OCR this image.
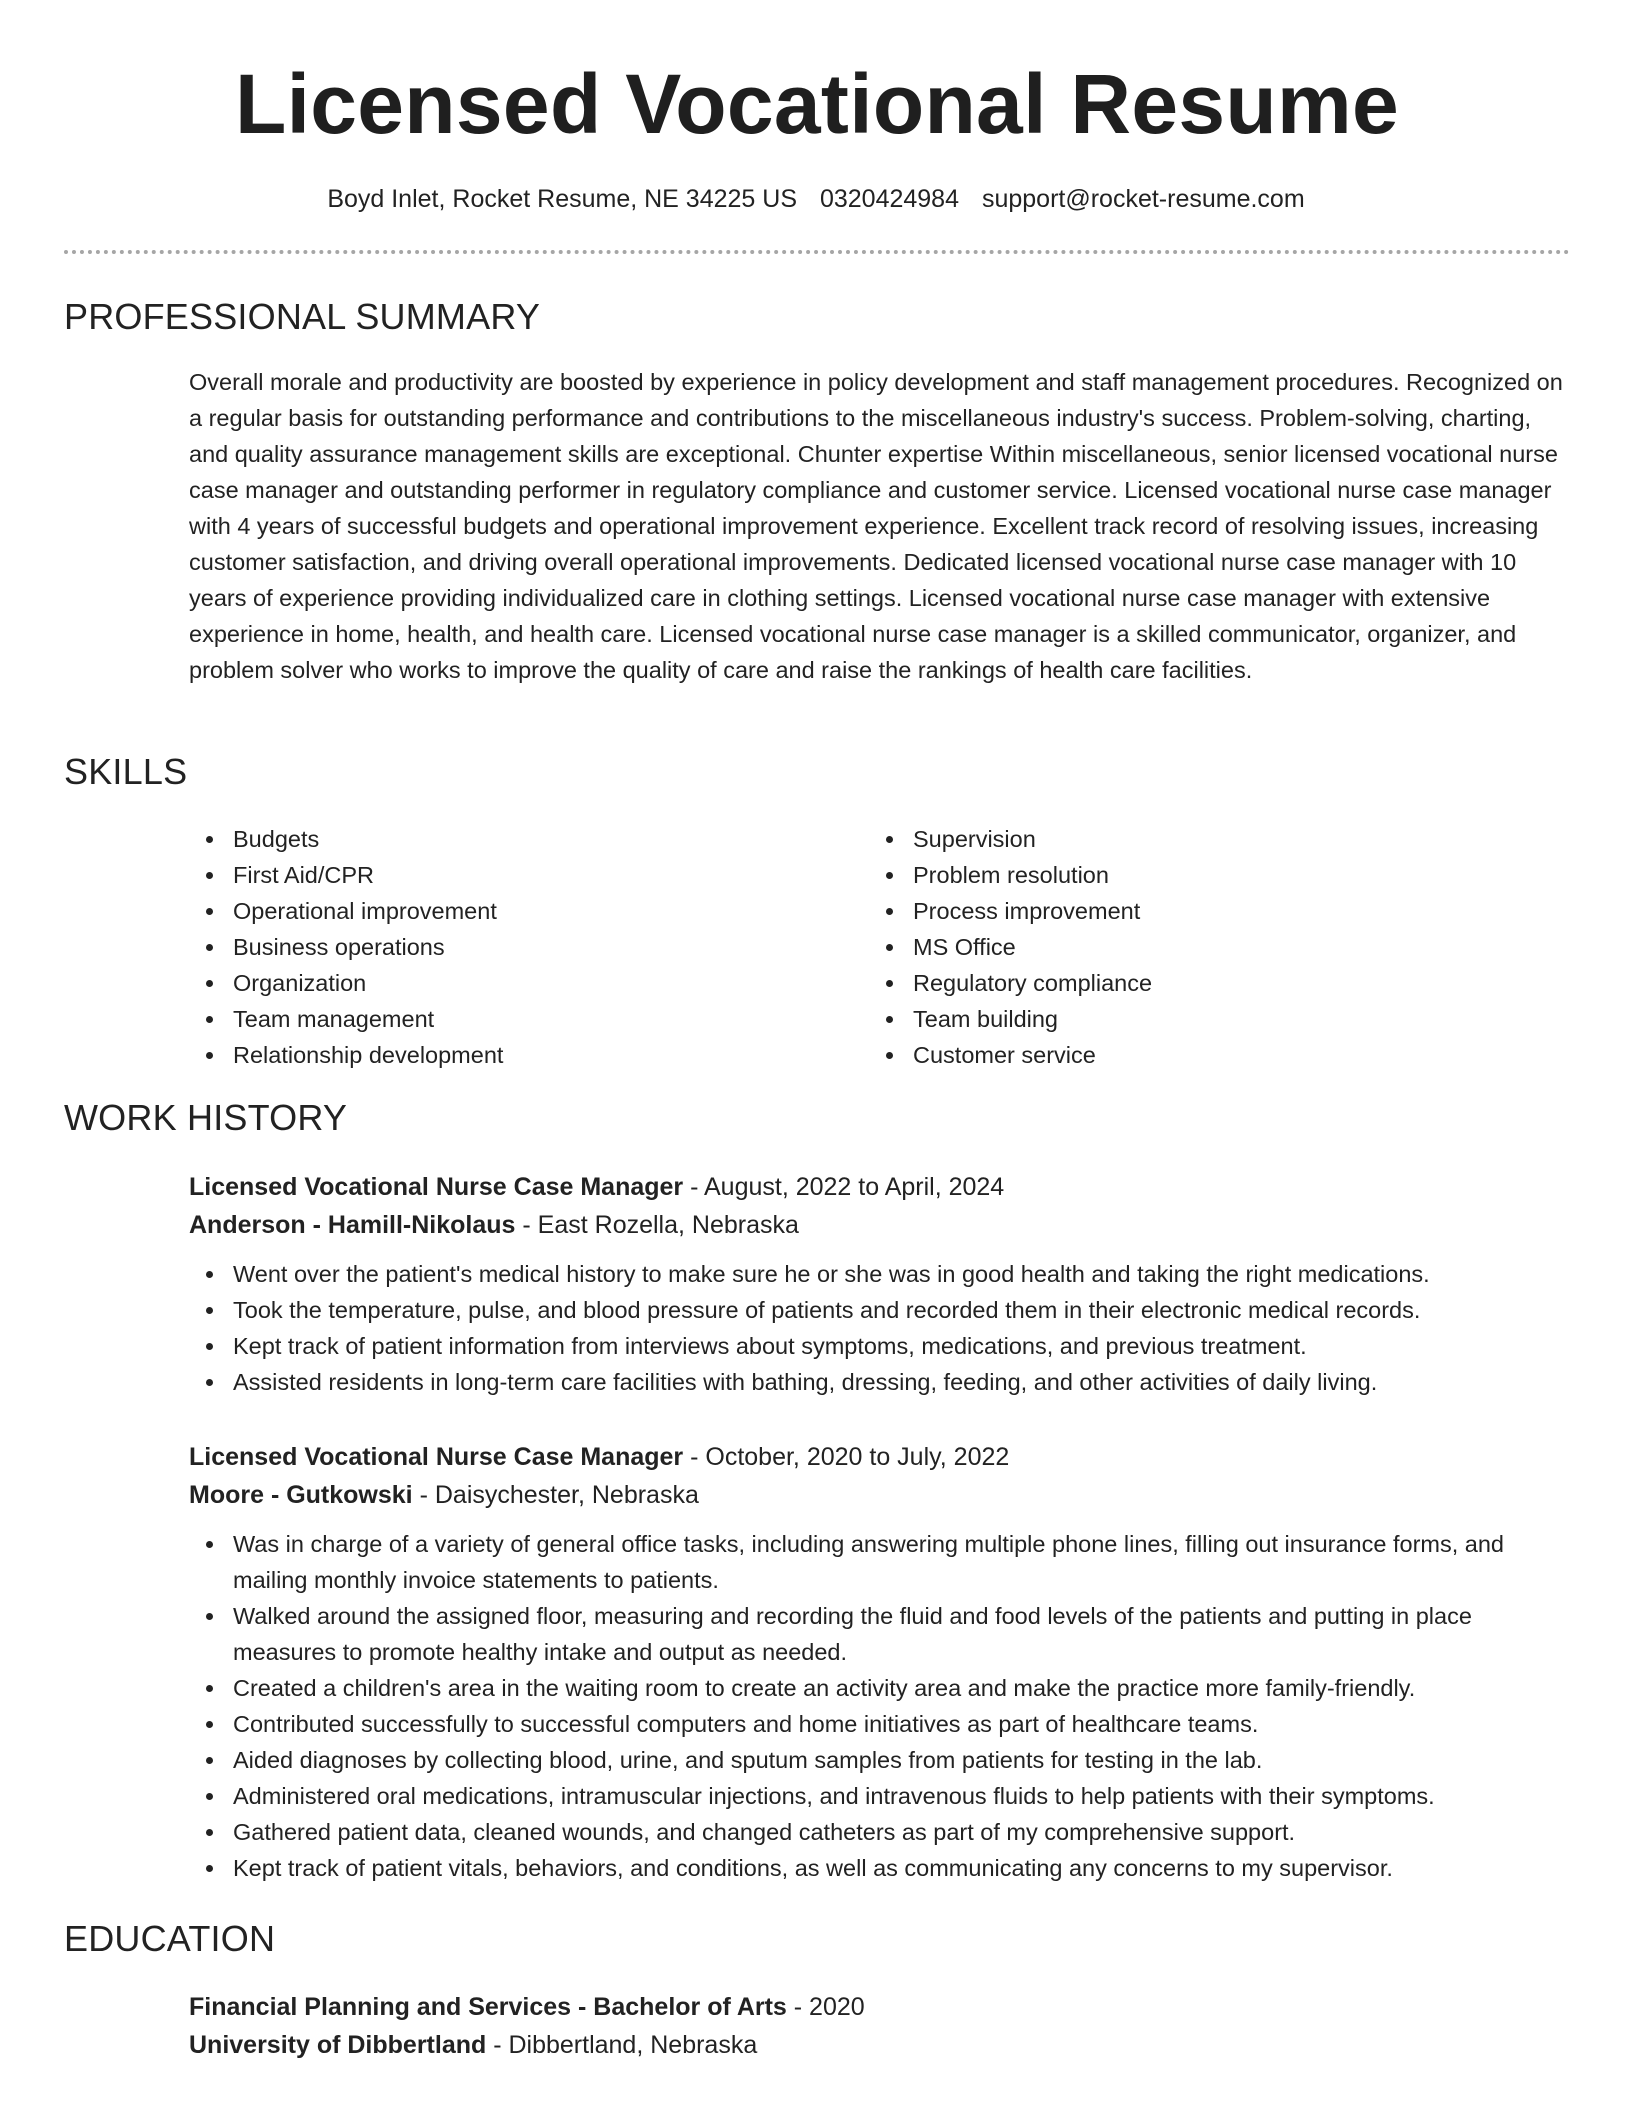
Licensed Vocational Resume
Boyd Inlet, Rocket Resume, NE 34225 US 0320424984 support@rocket-resume.com
PROFESSIONAL SUMMARY

Overall morale and productivity are boosted by experience in policy development and staff management procedures. Recognized on a regular basis for outstanding performance and contributions to the miscellaneous industry's success. Problem-solving, charting, and quality assurance management skills are exceptional. Chunter expertise Within miscellaneous, senior licensed vocational nurse case manager and outstanding performer in regulatory compliance and customer service. Licensed vocational nurse case manager with 4 years of successful budgets and operational improvement experience. Excellent track record of resolving issues, increasing customer satisfaction, and driving overall operational improvements. Dedicated licensed vocational nurse case manager with 10 years of experience providing individualized care in clothing settings. Licensed vocational nurse case manager with extensive experience in home, health, and health care. Licensed vocational nurse case manager is a skilled communicator, organizer, and problem solver who works to improve the quality of care and raise the rankings of health care facilities.

SKILLS
Budgets
First Aid/CPR
Operational improvement
Business operations
Organization
Team management
Relationship development
Supervision
Problem resolution
Process improvement
MS Office
Regulatory compliance
Team building
Customer service
WORK HISTORY

Licensed Vocational Nurse Case Manager - August, 2022 to April, 2024

Anderson - Hamill-Nikolaus - East Rozella, Nebraska

Went over the patient's medical history to make sure he or she was in good health and taking the right medications.
Took the temperature, pulse, and blood pressure of patients and recorded them in their electronic medical records.
Kept track of patient information from interviews about symptoms, medications, and previous treatment.
Assisted residents in long-term care facilities with bathing, dressing, feeding, and other activities of daily living.

Licensed Vocational Nurse Case Manager - October, 2020 to July, 2022

Moore - Gutkowski - Daisychester, Nebraska

Was in charge of a variety of general office tasks, including answering multiple phone lines, filling out insurance forms, and mailing monthly invoice statements to patients.
Walked around the assigned floor, measuring and recording the fluid and food levels of the patients and putting in place measures to promote healthy intake and output as needed.
Created a children's area in the waiting room to create an activity area and make the practice more family-friendly.
Contributed successfully to successful computers and home initiatives as part of healthcare teams.
Aided diagnoses by collecting blood, urine, and sputum samples from patients for testing in the lab.
Administered oral medications, intramuscular injections, and intravenous fluids to help patients with their symptoms.
Gathered patient data, cleaned wounds, and changed catheters as part of my comprehensive support.
Kept track of patient vitals, behaviors, and conditions, as well as communicating any concerns to my supervisor.
EDUCATION

Financial Planning and Services - Bachelor of Arts - 2020

University of Dibbertland - Dibbertland, Nebraska
